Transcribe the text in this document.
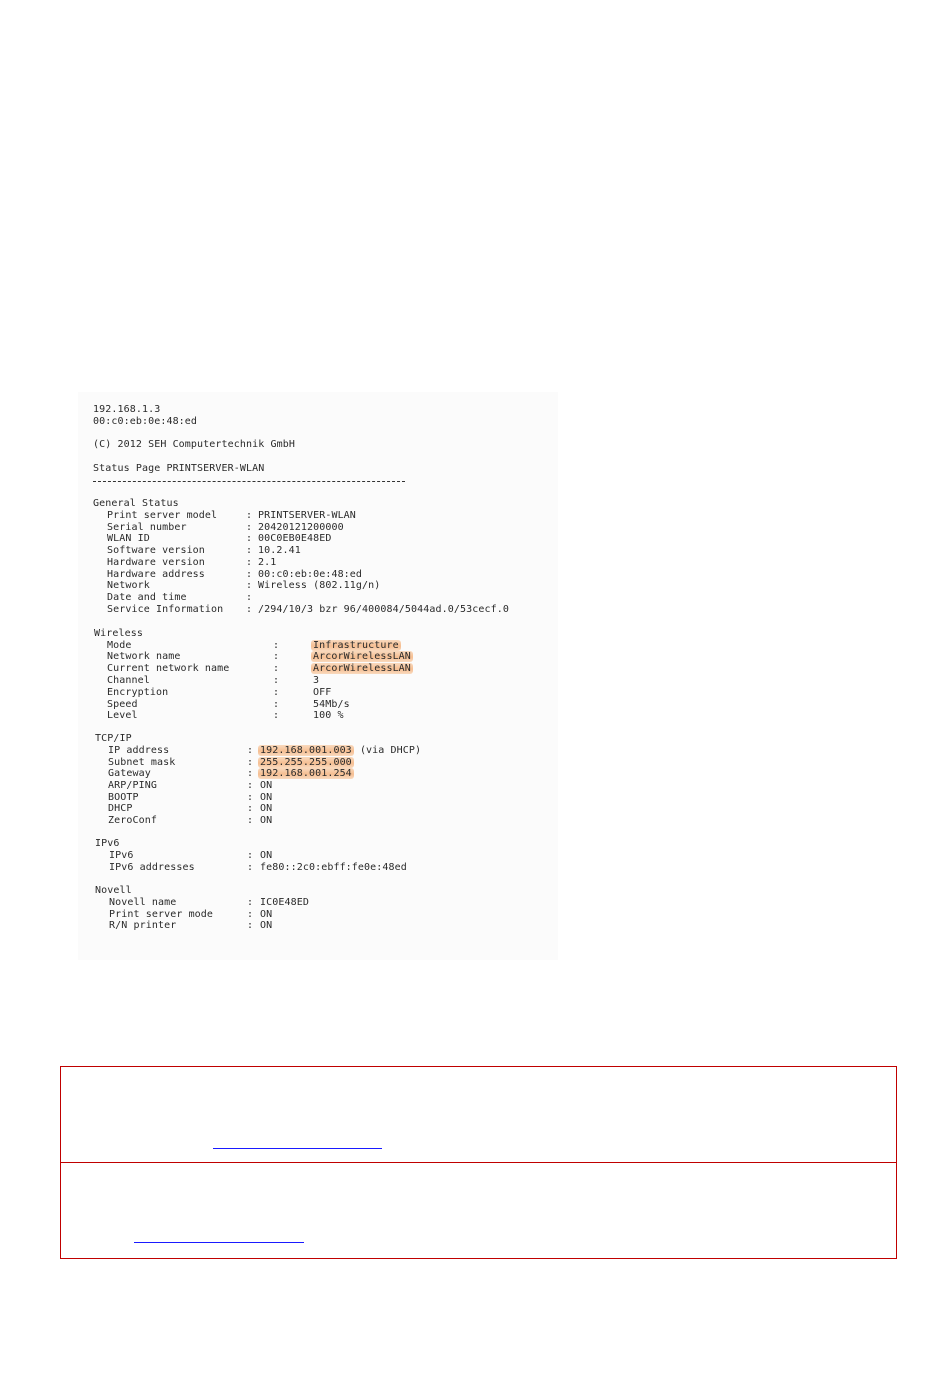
192.168.1.3
00:c0:eb:0e:48:ed
(C) 2012 SEH Computertechnik GmbH
Status Page PRINTSERVER-WLAN
General Status
Print server model	: PRINTSERVER-WLAN
Serial number	: 20420121200000
WLAN ID	: 00C0EB0E48ED
Software version	: 10.2.41
Hardware version	: 2.1
Hardware address	: 00:c0:eb:0e:48:ed
Network	: Wireless (802.11g/n)
Date and time	:
Service Information : /294/10/3 bzr 96/400084/5044ad.0/53cecf.0
Wireless
Mode	:	Infrastructure
Network name	:	ArcorWirelessLAN
Current network name	:	ArcorWirelessLAN
Channel	:	3
Encryption	:	OFF
Speed	:	54Mb/s
Level	:	100 %
TCP/IP
IP address	: 192.168.001.003 (via DHCP)
Subnet mask	: 255.255.255.000
Gateway	: 192.168.001.254
ARP/PING	: ON
BOOTP	: ON
DHCP	: ON
ZeroConf	: ON
IPv6
IPv6	: ON
IPv6 addresses	: fe80::2c0:ebff:fe0e:48ed
Novell
Novell name	: IC0E48ED
Print server mode	: ON
R/N printer	: ON
